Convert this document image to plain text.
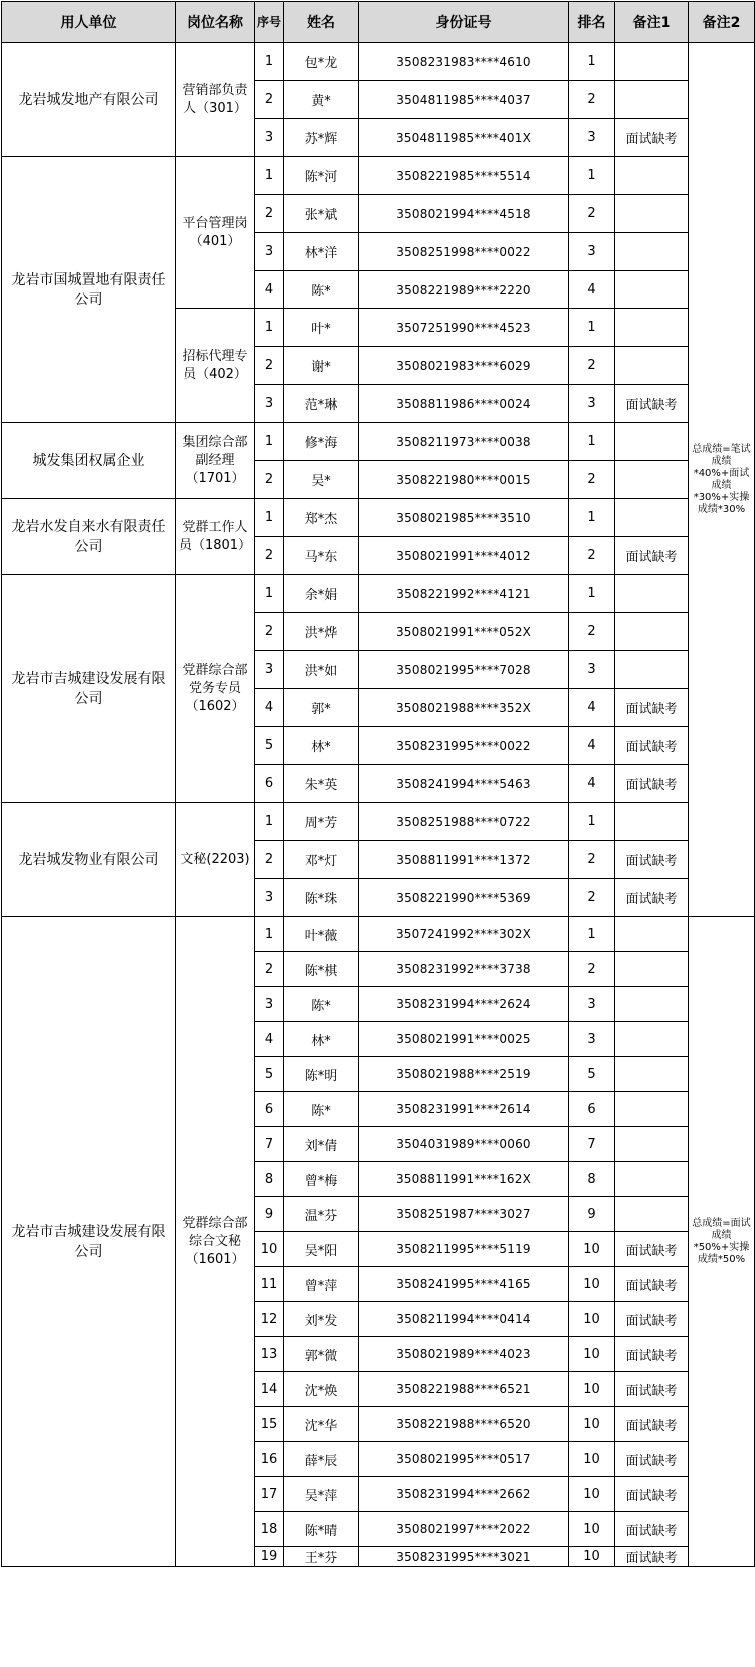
用人单位	岗位名称	序号	姓名	身份证号	排名	备注1	备注2
龙岩城发地产有限公司	营销部负责人（301）	1	包*龙	3508231983****4610	1		总成绩=笔试成绩*40%+面试成绩*30%+实操成绩*30%
		2	黄*	3504811985****4037	2		
		3	苏*辉	3504811985****401X	3	面试缺考	
龙岩市国城置地有限责任公司	平台管理岗（401）	1	陈*河	3508221985****5514	1		
		2	张*斌	3508021994****4518	2		
		3	林*洋	3508251998****0022	3		
		4	陈*	3508221989****2220	4		
	招标代理专员（402）	1	叶*	3507251990****4523	1		
		2	谢*	3508021983****6029	2		
		3	范*琳	3508811986****0024	3	面试缺考	
城发集团权属企业	集团综合部副经理（1701）	1	修*海	3508211973****0038	1		
		2	吴*	3508221980****0015	2		
龙岩水发自来水有限责任公司	党群工作人员（1801）	1	郑*杰	3508021985****3510	1		
		2	马*东	3508021991****4012	2	面试缺考	
龙岩市吉城建设发展有限公司	党群综合部党务专员（1602）	1	余*娟	3508221992****4121	1		
		2	洪*烨	3508021991****052X	2		
		3	洪*如	3508021995****7028	3		
		4	郭*	3508021988****352X	4	面试缺考	
		5	林*	3508231995****0022	4	面试缺考	
		6	朱*英	3508241994****5463	4	面试缺考	
龙岩城发物业有限公司	文秘(2203)	1	周*芳	3508251988****0722	1		
		2	邓*灯	3508811991****1372	2	面试缺考	
		3	陈*珠	3508221990****5369	2	面试缺考	
龙岩市吉城建设发展有限公司	党群综合部综合文秘（1601）	1	叶*薇	3507241992****302X	1		总成绩=面试成绩*50%+实操成绩*50%
		2	陈*棋	3508231992****3738	2		
		3	陈*	3508231994****2624	3		
		4	林*	3508021991****0025	3		
		5	陈*明	3508021988****2519	5		
		6	陈*	3508231991****2614	6		
		7	刘*倩	3504031989****0060	7		
		8	曾*梅	3508811991****162X	8		
		9	温*芬	3508251987****3027	9		
		10	吴*阳	3508211995****5119	10	面试缺考	
		11	曾*萍	3508241995****4165	10	面试缺考	
		12	刘*发	3508211994****0414	10	面试缺考	
		13	郭*微	3508021989****4023	10	面试缺考	
		14	沈*焕	3508221988****6521	10	面试缺考	
		15	沈*华	3508221988****6520	10	面试缺考	
		16	薛*辰	3508021995****0517	10	面试缺考	
		17	吴*萍	3508231994****2662	10	面试缺考	
		18	陈*晴	3508021997****2022	10	面试缺考	
		19	王*芬	3508231995****3021	10	面试缺考	
